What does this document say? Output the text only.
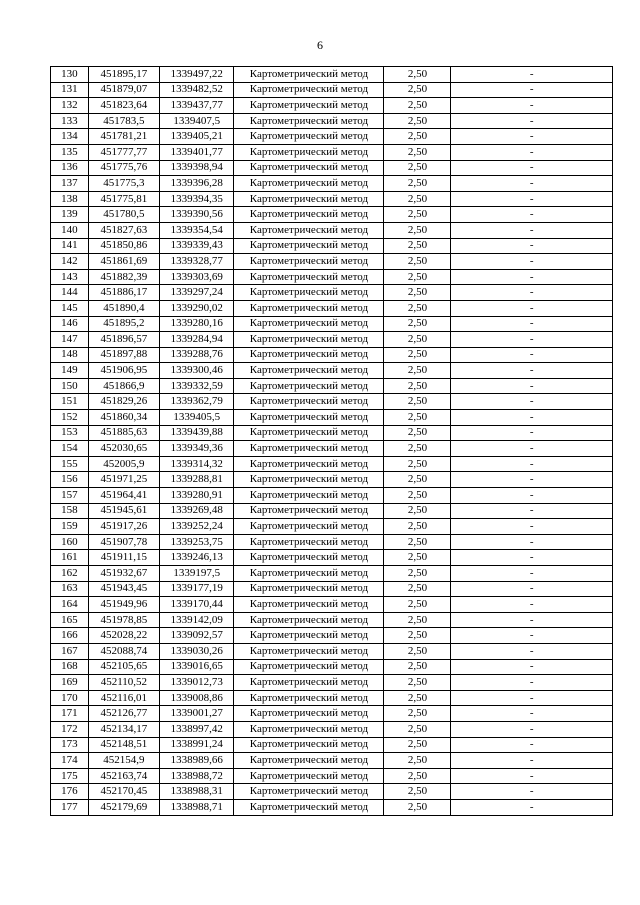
6
130	451895,17	1339497,22	Картометрический метод	2,50	-
131	451879,07	1339482,52	Картометрический метод	2,50	-
132	451823,64	1339437,77	Картометрический метод	2,50	-
133	451783,5	1339407,5	Картометрический метод	2,50	-
134	451781,21	1339405,21	Картометрический метод	2,50	-
135	451777,77	1339401,77	Картометрический метод	2,50	-
136	451775,76	1339398,94	Картометрический метод	2,50	-
137	451775,3	1339396,28	Картометрический метод	2,50	-
138	451775,81	1339394,35	Картометрический метод	2,50	-
139	451780,5	1339390,56	Картометрический метод	2,50	-
140	451827,63	1339354,54	Картометрический метод	2,50	-
141	451850,86	1339339,43	Картометрический метод	2,50	-
142	451861,69	1339328,77	Картометрический метод	2,50	-
143	451882,39	1339303,69	Картометрический метод	2,50	-
144	451886,17	1339297,24	Картометрический метод	2,50	-
145	451890,4	1339290,02	Картометрический метод	2,50	-
146	451895,2	1339280,16	Картометрический метод	2,50	-
147	451896,57	1339284,94	Картометрический метод	2,50	-
148	451897,88	1339288,76	Картометрический метод	2,50	-
149	451906,95	1339300,46	Картометрический метод	2,50	-
150	451866,9	1339332,59	Картометрический метод	2,50	-
151	451829,26	1339362,79	Картометрический метод	2,50	-
152	451860,34	1339405,5	Картометрический метод	2,50	-
153	451885,63	1339439,88	Картометрический метод	2,50	-
154	452030,65	1339349,36	Картометрический метод	2,50	-
155	452005,9	1339314,32	Картометрический метод	2,50	-
156	451971,25	1339288,81	Картометрический метод	2,50	-
157	451964,41	1339280,91	Картометрический метод	2,50	-
158	451945,61	1339269,48	Картометрический метод	2,50	-
159	451917,26	1339252,24	Картометрический метод	2,50	-
160	451907,78	1339253,75	Картометрический метод	2,50	-
161	451911,15	1339246,13	Картометрический метод	2,50	-
162	451932,67	1339197,5	Картометрический метод	2,50	-
163	451943,45	1339177,19	Картометрический метод	2,50	-
164	451949,96	1339170,44	Картометрический метод	2,50	-
165	451978,85	1339142,09	Картометрический метод	2,50	-
166	452028,22	1339092,57	Картометрический метод	2,50	-
167	452088,74	1339030,26	Картометрический метод	2,50	-
168	452105,65	1339016,65	Картометрический метод	2,50	-
169	452110,52	1339012,73	Картометрический метод	2,50	-
170	452116,01	1339008,86	Картометрический метод	2,50	-
171	452126,77	1339001,27	Картометрический метод	2,50	-
172	452134,17	1338997,42	Картометрический метод	2,50	-
173	452148,51	1338991,24	Картометрический метод	2,50	-
174	452154,9	1338989,66	Картометрический метод	2,50	-
175	452163,74	1338988,72	Картометрический метод	2,50	-
176	452170,45	1338988,31	Картометрический метод	2,50	-
177	452179,69	1338988,71	Картометрический метод	2,50	-
